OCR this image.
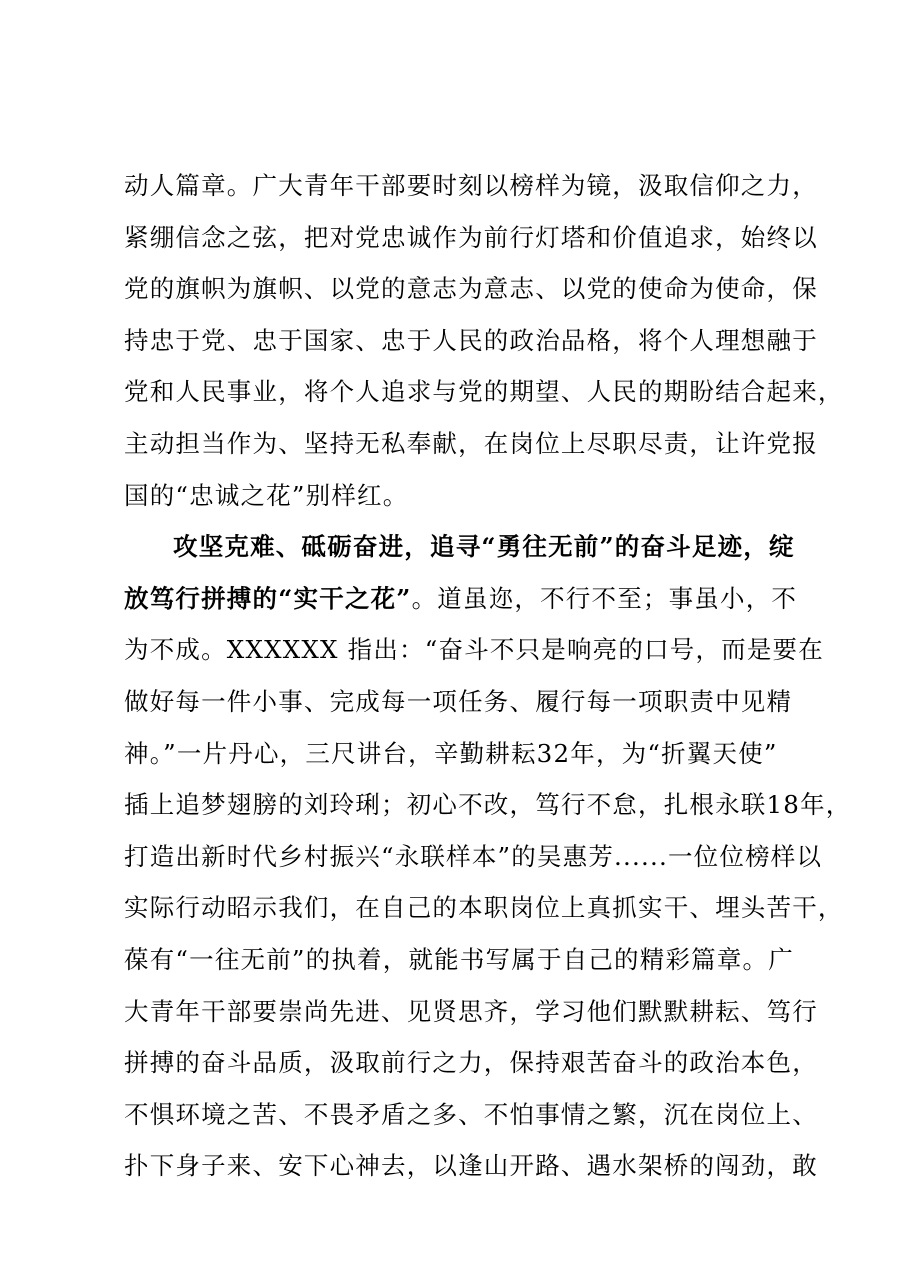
动人篇章。广大青年干部要时刻以榜样为镜，汲取信仰之力，
紧绷信念之弦，把对党忠诚作为前行灯塔和价值追求，始终以
党的旗帜为旗帜、以党的意志为意志、以党的使命为使命，保
持忠于党、忠于国家、忠于人民的政治品格，将个人理想融于
党和人民事业，将个人追求与党的期望、人民的期盼结合起来，
主动担当作为、坚持无私奉献，在岗位上尽职尽责，让许党报
国的“忠诚之花”别样红。
攻坚克难、砥砺奋进，追寻“勇往无前”的奋斗足迹，绽
放笃行拼搏的“实干之花”。道虽迩，不行不至；事虽小，不
为不成。XXXXXX 指出：“奋斗不只是响亮的口号，而是要在
做好每一件小事、完成每一项任务、履行每一项职责中见精
神。”一片丹心，三尺讲台，辛勤耕耘32年，为“折翼天使”
插上追梦翅膀的刘玲琍；初心不改，笃行不怠，扎根永联18年，
打造出新时代乡村振兴“永联样本”的吴惠芳......一位位榜样以
实际行动昭示我们，在自己的本职岗位上真抓实干、埋头苦干，
葆有“一往无前”的执着，就能书写属于自己的精彩篇章。广
大青年干部要崇尚先进、见贤思齐，学习他们默默耕耘、笃行
拼搏的奋斗品质，汲取前行之力，保持艰苦奋斗的政治本色，
不惧环境之苦、不畏矛盾之多、不怕事情之繁，沉在岗位上、
扑下身子来、安下心神去，以逢山开路、遇水架桥的闯劲，敢
